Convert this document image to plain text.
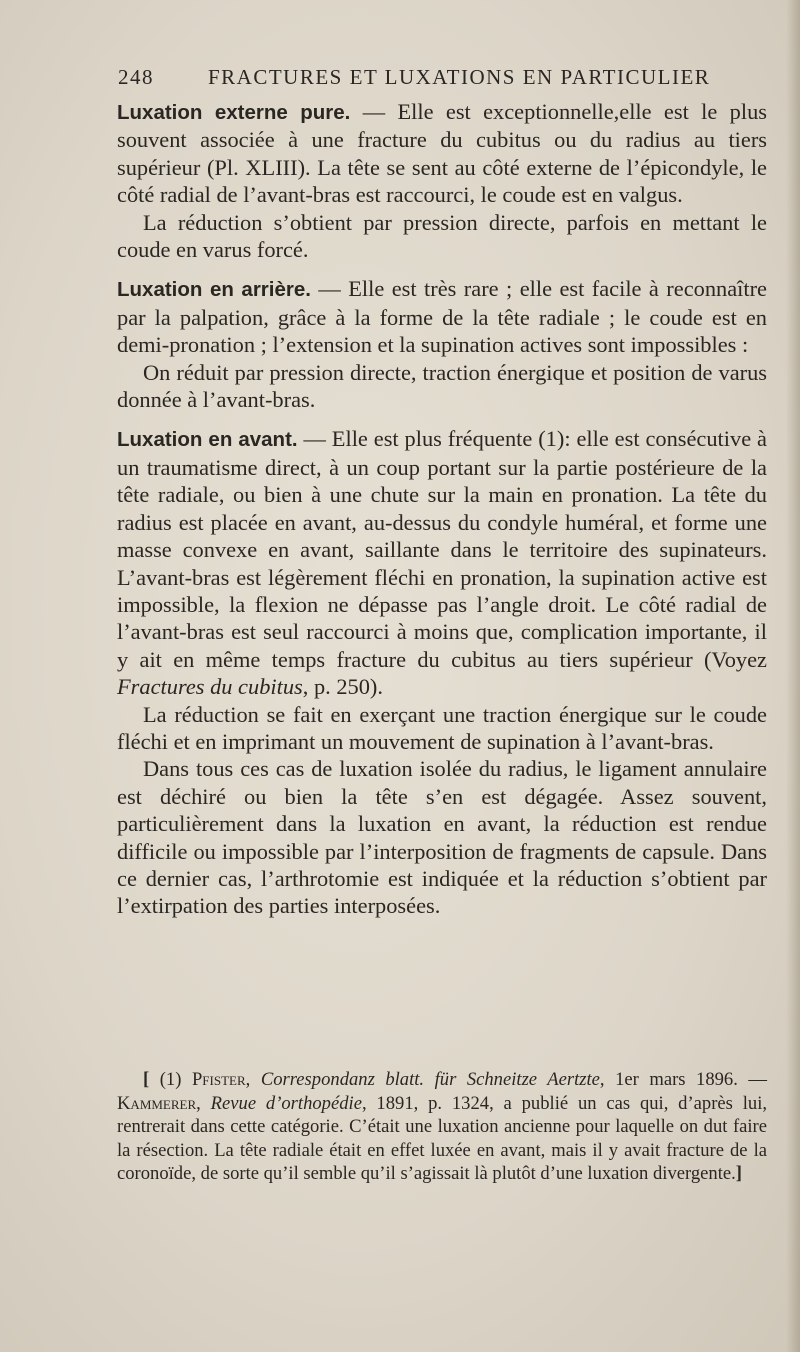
248	FRACTURES ET LUXATIONS EN PARTICULIER

Luxation externe pure. — Elle est exceptionnelle,elle est le plus souvent associée à une fracture du cubitus ou du radius au tiers supérieur (Pl. XLIII). La tête se sent au côté externe de l’épicondyle, le côté radial de l’avant-bras est raccourci, le coude est en valgus.

La réduction s’obtient par pression directe, parfois en mettant le coude en varus forcé.

Luxation en arrière. — Elle est très rare ; elle est facile à reconnaître par la palpation, grâce à la forme de la tête radiale ; le coude est en demi-pronation ; l’extension et la supination actives sont impossibles :

On réduit par pression directe, traction énergique et position de varus donnée à l’avant-bras.

Luxation en avant. — Elle est plus fréquente (1): elle est consécutive à un traumatisme direct, à un coup portant sur la partie postérieure de la tête radiale, ou bien à une chute sur la main en pronation. La tête du radius est placée en avant, au-dessus du condyle huméral, et forme une masse convexe en avant, saillante dans le territoire des supinateurs. L’avant-bras est légèrement fléchi en pronation, la supination active est impossible, la flexion ne dépasse pas l’angle droit. Le côté radial de l’avant-bras est seul raccourci à moins que, complication importante, il y ait en même temps fracture du cubitus au tiers supérieur (Voyez Fractures du cubitus, p. 250).

La réduction se fait en exerçant une traction énergique sur le coude fléchi et en imprimant un mouvement de supination à l’avant-bras.

Dans tous ces cas de luxation isolée du radius, le ligament annulaire est déchiré ou bien la tête s’en est dégagée. Assez souvent, particulièrement dans la luxation en avant, la réduction est rendue difficile ou impossible par l’interposition de fragments de capsule. Dans ce dernier cas, l’arthrotomie est indiquée et la réduction s’obtient par l’extirpation des parties interposées.

[ (1) Pfister, Correspondanz blatt. für Schneitze Aertzte, 1er mars 1896. — Kammerer, Revue d’orthopédie, 1891, p. 1324, a publié un cas qui, d’après lui, rentrerait dans cette catégorie. C’était une luxation ancienne pour laquelle on dut faire la résection. La tête radiale était en effet luxée en avant, mais il y avait fracture de la coronoïde, de sorte qu’il semble qu’il s’agissait là plutôt d’une luxation divergente.]
